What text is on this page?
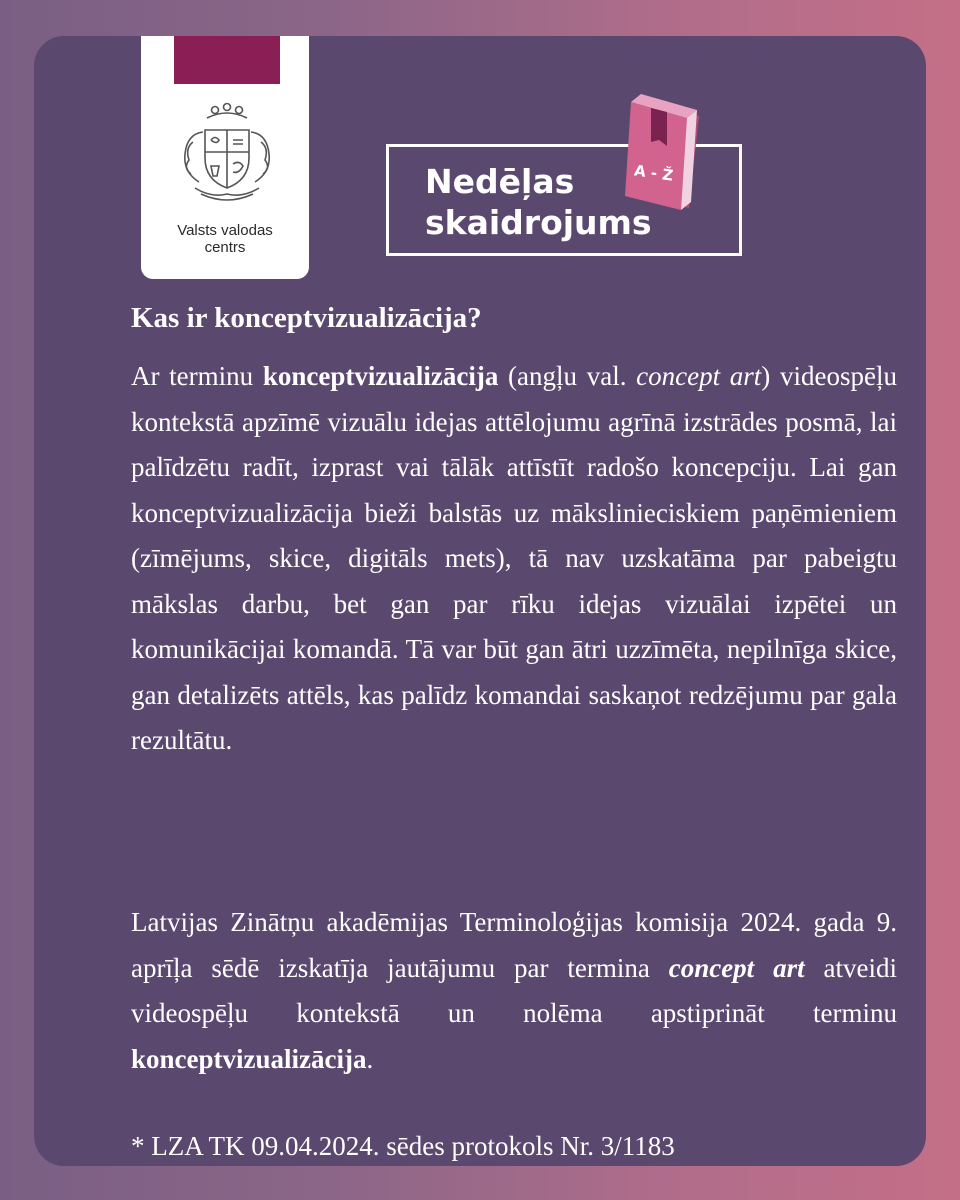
Valsts valodas
centrs
Nedēļas
skaidrojums
A - Ž
Kas ir konceptvizualizācija?

Ar terminu konceptvizualizācija (angļu val. concept art) videospēļu kontekstā apzīmē vizuālu idejas attēlojumu agrīnā izstrādes posmā, lai palīdzētu radīt, izprast vai tālāk attīstīt radošo koncepciju. Lai gan konceptvizualizācija bieži balstās uz mākslinieciskiem paņēmieniem (zīmējums, skice, digitāls mets), tā nav uzskatāma par pabeigtu mākslas darbu, bet gan par rīku idejas vizuālai izpētei un komunikācijai komandā. Tā var būt gan ātri uzzīmēta, nepilnīga skice, gan detalizēts attēls, kas palīdz komandai saskaņot redzējumu par gala rezultātu.

Latvijas Zinātņu akadēmijas Terminoloģijas komisija 2024. gada 9. aprīļa sēdē izskatīja jautājumu par termina concept art atveidi videospēļu kontekstā un nolēma apstiprināt terminu konceptvizualizācija.

* LZA TK 09.04.2024. sēdes protokols Nr. 3/1183
